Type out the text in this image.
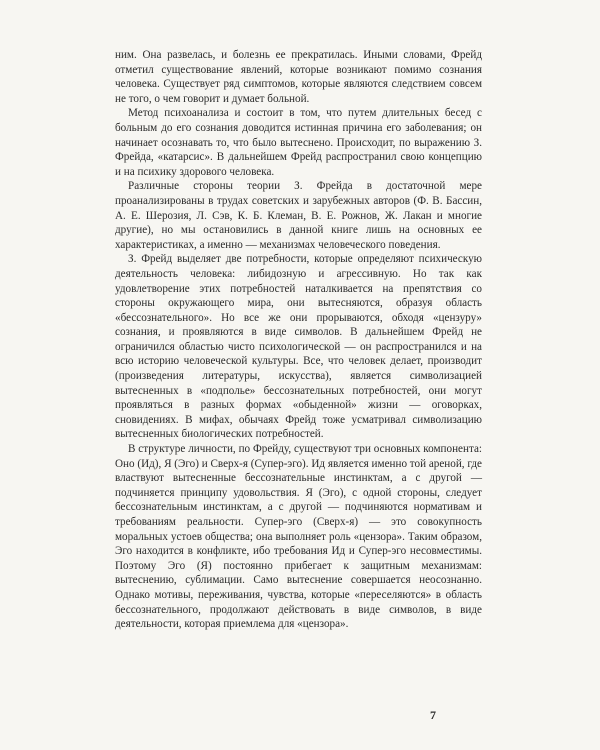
ним. Она развелась, и болезнь ее прекратилась. Иными словами, Фрейд отметил существование явлений, которые возникают помимо сознания человека. Существует ряд симптомов, которые являются следствием совсем не того, о чем говорит и думает больной.

Метод психоанализа и состоит в том, что путем длительных бесед с больным до его сознания доводится истинная причина его заболевания; он начинает осознавать то, что было вытеснено. Происходит, по выражению З. Фрейда, «катарсис». В дальнейшем Фрейд распространил свою концепцию и на психику здорового человека.

Различные стороны теории З. Фрейда в достаточной мере проанализированы в трудах советских и зарубежных авторов (Ф. В. Бассин, А. Е. Шерозия, Л. Сэв, К. Б. Клеман, В. Е. Рожнов, Ж. Лакан и многие другие), но мы остановились в данной книге лишь на основных ее характеристиках, а именно — механизмах человеческого поведения.

З. Фрейд выделяет две потребности, которые определяют психическую деятельность человека: либидозную и агрессивную. Но так как удовлетворение этих потребностей наталкивается на препятствия со стороны окружающего мира, они вытесняются, образуя область «бессознательного». Но все же они прорываются, обходя «цензуру» сознания, и проявляются в виде символов. В дальнейшем Фрейд не ограничился областью чисто психологической — он распространился и на всю историю человеческой культуры. Все, что человек делает, производит (произведения литературы, искусства), является символизацией вытесненных в «подполье» бессознательных потребностей, они могут проявляться в разных формах «обыденной» жизни — оговорках, сновидениях. В мифах, обычаях Фрейд тоже усматривал символизацию вытесненных биологических потребностей.

В структуре личности, по Фрейду, существуют три основных компонента: Оно (Ид), Я (Эго) и Сверх-я (Супер-эго). Ид является именно той ареной, где властвуют вытесненные бессознательные инстинктам, а с другой — подчиняется принципу удовольствия. Я (Эго), с одной стороны, следует бессознательным инстинктам, а с другой — подчиняются нормативам и требованиям реальности. Супер-эго (Сверх-я) — это совокупность моральных устоев общества; она выполняет роль «цензора». Таким образом, Эго находится в конфликте, ибо требования Ид и Супер-эго несовместимы. Поэтому Эго (Я) постоянно прибегает к защитным механизмам: вытеснению, сублимации. Само вытеснение совершается неосознанно. Однако мотивы, переживания, чувства, которые «переселяются» в область бессознательного, продолжают действовать в виде символов, в виде деятельности, которая приемлема для «цензора».

7
